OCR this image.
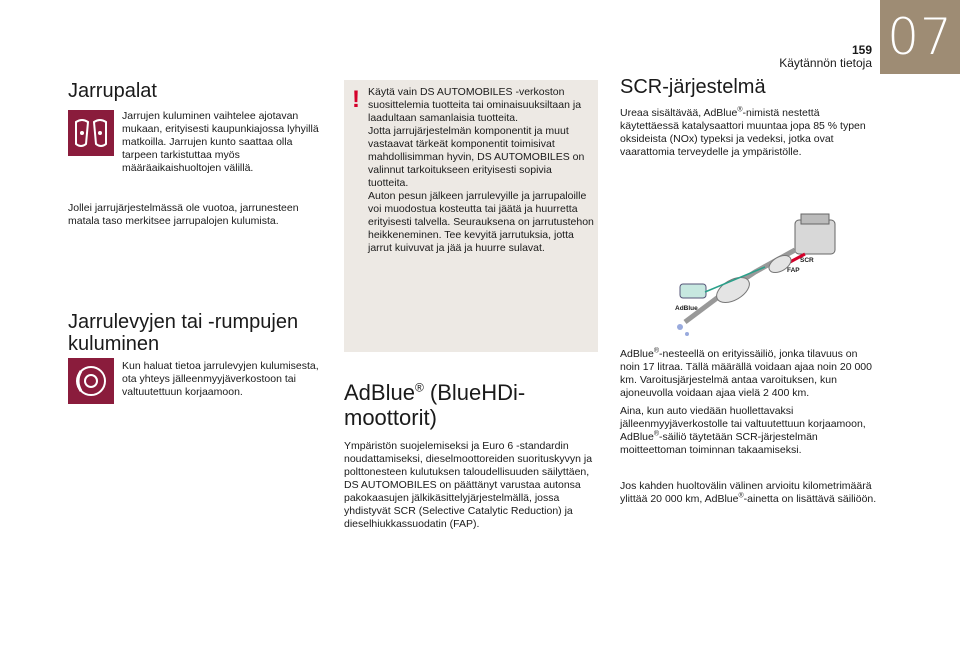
07
159
Käytännön tietoja
Jarrupalat
Jarrujen kuluminen vaihtelee ajotavan mukaan, erityisesti kaupunkiajossa lyhyillä matkoilla. Jarrujen kunto saattaa olla tarpeen tarkistuttaa myös määräaikaishuoltojen välillä.
Jollei jarrujärjestelmässä ole vuotoa, jarrunesteen matala taso merkitsee jarrupalojen kulumista.
Jarrulevyjen tai -rumpujen kuluminen
Kun haluat tietoa jarrulevyjen kulumisesta, ota yhteys jälleenmyyjäverkostoon tai valtuutettuun korjaamoon.
! Käytä vain DS AUTOMOBILES -verkoston suosittelemia tuotteita tai ominaisuuksiltaan ja laadultaan samanlaisia tuotteita.
Jotta jarrujärjestelmän komponentit ja muut vastaavat tärkeät komponentit toimisivat mahdollisimman hyvin, DS AUTOMOBILES on valinnut tarkoitukseen erityisesti sopivia tuotteita.
Auton pesun jälkeen jarrulevyille ja jarrupaloille voi muodostua kosteutta tai jäätä ja huurretta erityisesti talvella. Seurauksena on jarrutustehon heikkeneminen. Tee kevyitä jarrutuksia, jotta jarrut kuivuvat ja jää ja huurre sulavat.
AdBlue® (BlueHDi-moottorit)
Ympäristön suojelemiseksi ja Euro 6 -standardin noudattamiseksi, dieselmoottoreiden suorituskyvyn ja polttonesteen kulutuksen taloudellisuuden säilyttäen, DS AUTOMOBILES on päättänyt varustaa autonsa pakokaasujen jälkikäsittelyjärjestelmällä, jossa yhdistyvät SCR (Selective Catalytic Reduction) ja dieselhiukkassuodatin (FAP).
SCR-järjestelmä
Ureaa sisältävää, AdBlue®-nimistä nestettä käytettäessä katalysaattori muuntaa jopa 85 % typen oksideista (NOx) typeksi ja vedeksi, jotka ovat vaarattomia terveydelle ja ympäristölle.
SCR
FAP
AdBlue
AdBlue®-nesteellä on erityissäiliö, jonka tilavuus on noin 17 litraa. Tällä määrällä voidaan ajaa noin 20 000 km. Varoitusjärjestelmä antaa varoituksen, kun ajoneuvolla voidaan ajaa vielä 2 400 km.
Aina, kun auto viedään huollettavaksi jälleenmyyjäverkostolle tai valtuutettuun korjaamoon, AdBlue®-säiliö täytetään SCR-järjestelmän moitteettoman toiminnan takaamiseksi.
Jos kahden huoltovälin välinen arvioitu kilometrimäärä ylittää 20 000 km, AdBlue®-ainetta on lisättävä säiliöön.
